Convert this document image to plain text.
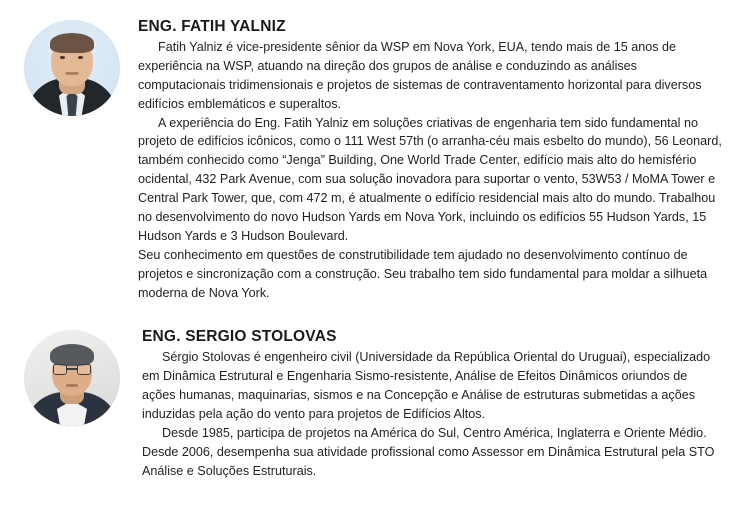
ENG. FATIH YALNIZ

Fatih Yalniz é vice-presidente sênior da WSP em Nova York, EUA, tendo mais de 15 anos de experiência na WSP, atuando na direção dos grupos de análise e conduzindo as análises computacionais tridimensionais e projetos de sistemas de contraventamento horizontal para diversos edifícios emblemáticos e superaltos.

A experiência do Eng. Fatih Yalniz em soluções criativas de engenharia tem sido fundamental no projeto de edifícios icônicos, como o 111 West 57th (o arranha-céu mais esbelto do mundo), 56 Leonard, também conhecido como “Jenga” Building, One World Trade Center, edifício mais alto do hemisfério ocidental, 432 Park Avenue, com sua solução inovadora para suportar o vento, 53W53 / MoMA Tower e Central Park Tower, que, com 472 m, é atualmente o edifício residencial mais alto do mundo. Trabalhou no desenvolvimento do novo Hudson Yards em Nova York, incluindo os edifícios 55 Hudson Yards, 15 Hudson Yards e 3 Hudson Boulevard.

Seu conhecimento em questões de construtibilidade tem ajudado no desenvolvimento contínuo de projetos e sincronização com a construção. Seu trabalho tem sido fundamental para moldar a silhueta moderna de Nova York.

ENG. SERGIO STOLOVAS

Sérgio Stolovas é engenheiro civil (Universidade da República Oriental do Uruguai), especializado em Dinâmica Estrutural e Engenharia Sismo-resistente, Análise de Efeitos Dinâmicos oriundos de ações humanas, maquinarias, sismos e na Concepção e Análise de estruturas submetidas a ações induzidas pela ação do vento para projetos de Edifícios Altos.

Desde 1985, participa de projetos na América do Sul, Centro América, Inglaterra e Oriente Médio.

Desde 2006, desempenha sua atividade profissional como Assessor em Dinâmica Estrutural pela STO Análise e Soluções Estruturais.
